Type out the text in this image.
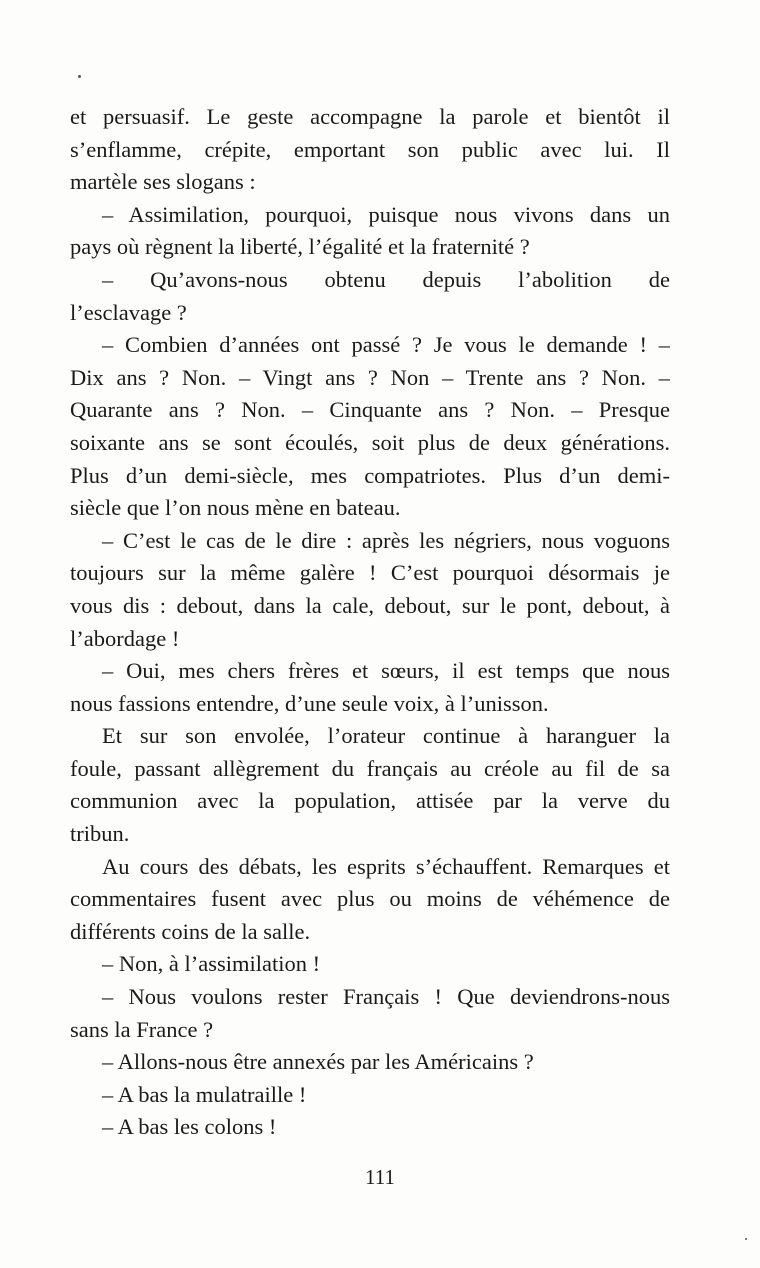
et persuasif. Le geste accompagne la parole et bientôt il
s’enflamme, crépite, emportant son public avec lui. Il
martèle ses slogans :
– Assimilation, pourquoi, puisque nous vivons dans un
pays où règnent la liberté, l’égalité et la fraternité ?
– Qu’avons-nous obtenu depuis l’abolition de
l’esclavage ?
– Combien d’années ont passé ? Je vous le demande ! –
Dix ans ? Non. – Vingt ans ? Non – Trente ans ? Non. –
Quarante ans ? Non. – Cinquante ans ? Non. – Presque
soixante ans se sont écoulés, soit plus de deux générations.
Plus d’un demi-siècle, mes compatriotes. Plus d’un demi-
siècle que l’on nous mène en bateau.
– C’est le cas de le dire : après les négriers, nous voguons
toujours sur la même galère ! C’est pourquoi désormais je
vous dis : debout, dans la cale, debout, sur le pont, debout, à
l’abordage !
– Oui, mes chers frères et sœurs, il est temps que nous
nous fassions entendre, d’une seule voix, à l’unisson.
Et sur son envolée, l’orateur continue à haranguer la
foule, passant allègrement du français au créole au fil de sa
communion avec la population, attisée par la verve du
tribun.
Au cours des débats, les esprits s’échauffent. Remarques et
commentaires fusent avec plus ou moins de véhémence de
différents coins de la salle.
– Non, à l’assimilation !
– Nous voulons rester Français ! Que deviendrons-nous
sans la France ?
– Allons-nous être annexés par les Américains ?
– A bas la mulatraille !
– A bas les colons !
111
